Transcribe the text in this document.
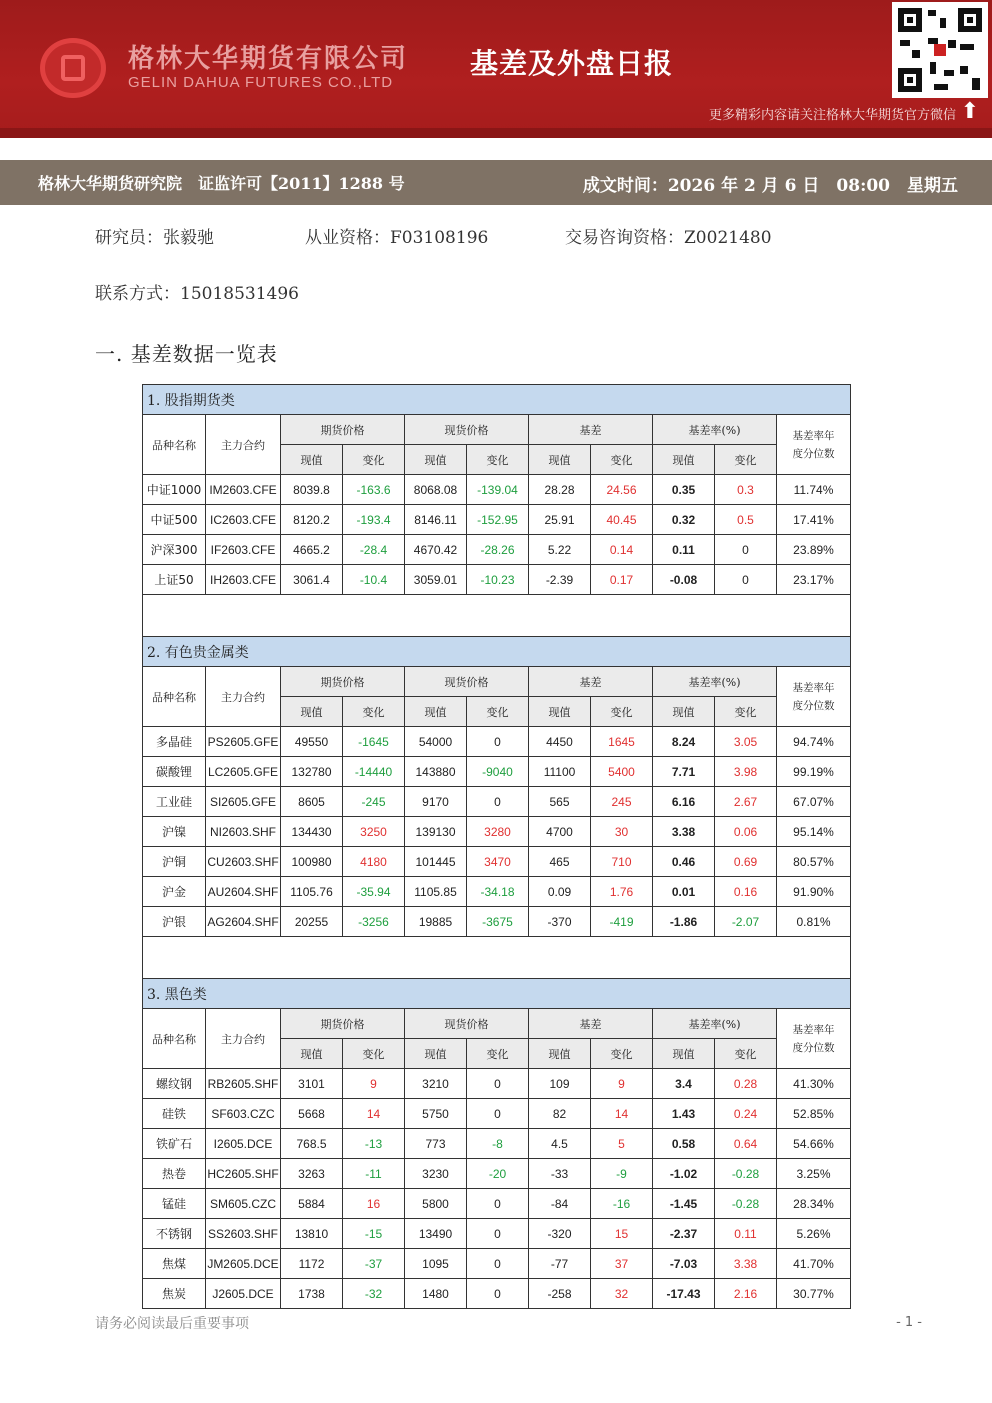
格林大华期货有限公司
GELIN DAHUA FUTURES CO.,LTD
基差及外盘日报
更多精彩内容请关注格林大华期货官方微信 ⬆
格林大华期货研究院　证监许可【2011】1288 号	成文时间：2026 年 2 月 6 日　08:00　星期五
研究员：张毅驰	从业资格：F03108196	交易咨询资格：Z0021480
联系方式：15018531496
一. 基差数据一览表
1. 股指期货类										
品种名称	主力合约	期货价格		现货价格		基差		基差率(%)		基差率年度分位数

		现值	变化	现值	变化	现值	变化	现值	变化	
中证1000	IM2603.CFE	8039.8	-163.6	8068.08	-139.04	28.28	24.56	0.35	0.3	11.74%
中证500	IC2603.CFE	8120.2	-193.4	8146.11	-152.95	25.91	40.45	0.32	0.5	17.41%
沪深300	IF2603.CFE	4665.2	-28.4	4670.42	-28.26	5.22	0.14	0.11	0	23.89%
上证50	IH2603.CFE	3061.4	-10.4	3059.01	-10.23	-2.39	0.17	-0.08	0	23.17%

2. 有色贵金属类										
品种名称	主力合约	期货价格		现货价格		基差		基差率(%)		基差率年度分位数

		现值	变化	现值	变化	现值	变化	现值	变化	
多晶硅	PS2605.GFE	49550	-1645	54000	0	4450	1645	8.24	3.05	94.74%
碳酸锂	LC2605.GFE	132780	-14440	143880	-9040	11100	5400	7.71	3.98	99.19%
工业硅	SI2605.GFE	8605	-245	9170	0	565	245	6.16	2.67	67.07%
沪镍	NI2603.SHF	134430	3250	139130	3280	4700	30	3.38	0.06	95.14%
沪铜	CU2603.SHF	100980	4180	101445	3470	465	710	0.46	0.69	80.57%
沪金	AU2604.SHF	1105.76	-35.94	1105.85	-34.18	0.09	1.76	0.01	0.16	91.90%
沪银	AG2604.SHF	20255	-3256	19885	-3675	-370	-419	-1.86	-2.07	0.81%

3. 黑色类										
品种名称	主力合约	期货价格		现货价格		基差		基差率(%)		基差率年度分位数

		现值	变化	现值	变化	现值	变化	现值	变化	
螺纹钢	RB2605.SHF	3101	9	3210	0	109	9	3.4	0.28	41.30%
硅铁	SF603.CZC	5668	14	5750	0	82	14	1.43	0.24	52.85%
铁矿石	I2605.DCE	768.5	-13	773	-8	4.5	5	0.58	0.64	54.66%
热卷	HC2605.SHF	3263	-11	3230	-20	-33	-9	-1.02	-0.28	3.25%
锰硅	SM605.CZC	5884	16	5800	0	-84	-16	-1.45	-0.28	28.34%
不锈钢	SS2603.SHF	13810	-15	13490	0	-320	15	-2.37	0.11	5.26%
焦煤	JM2605.DCE	1172	-37	1095	0	-77	37	-7.03	3.38	41.70%
焦炭	J2605.DCE	1738	-32	1480	0	-258	32	-17.43	2.16	30.77%
请务必阅读最后重要事项	- 1 -
